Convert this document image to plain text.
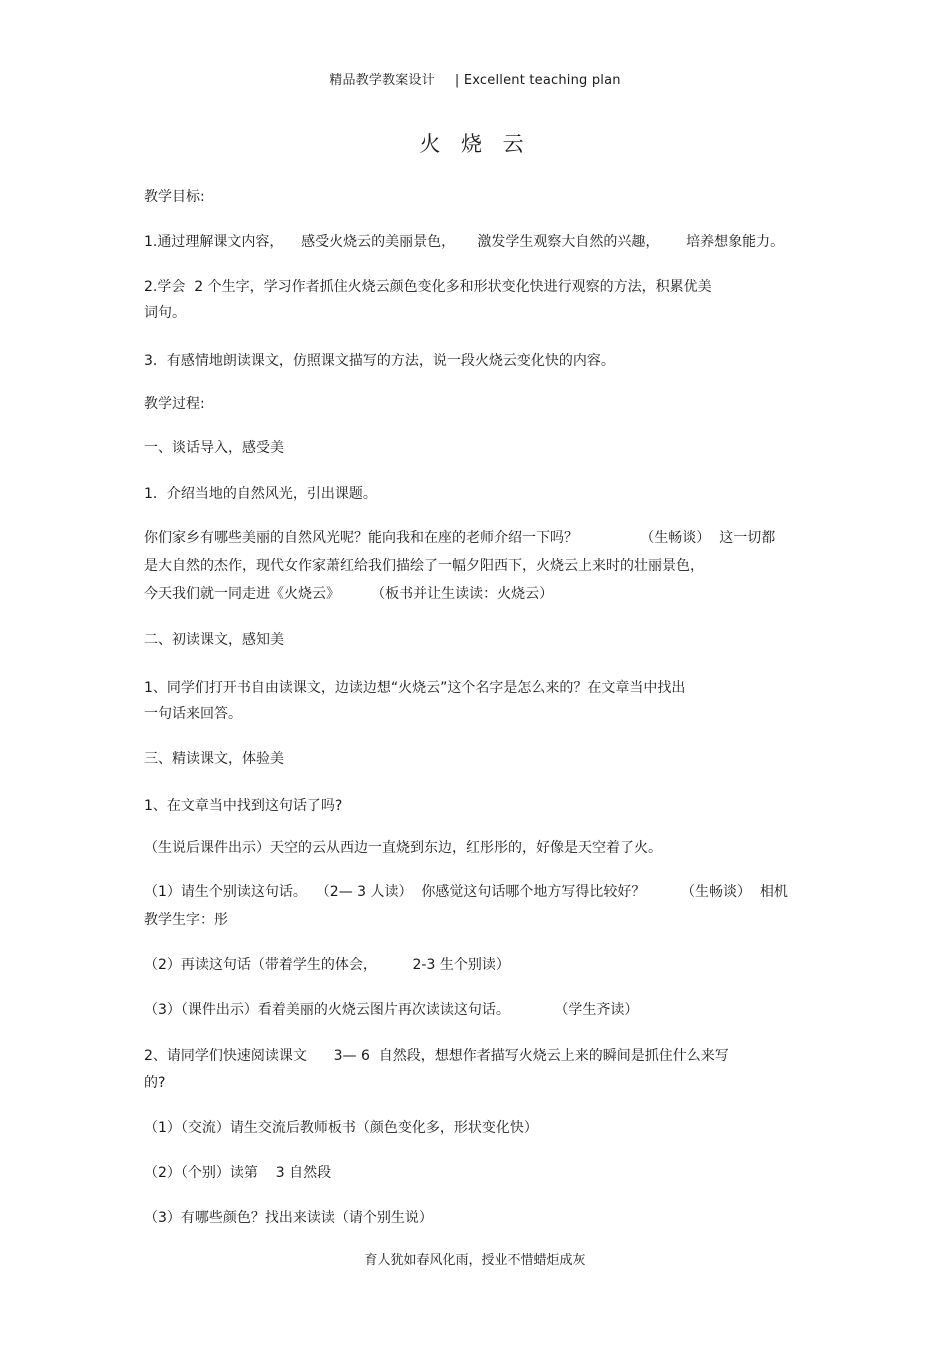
精品教学教案设计 | Excellent teaching plan
火 烧 云
教学目标:
1.通过理解课文内容，    感受火烧云的美丽景色，     激发学生观察大自然的兴趣，      培养想象能力。
2.学会  2 个生字，学习作者抓住火烧云颜色变化多和形状变化快进行观察的方法，积累优美
词句。
3．有感情地朗读课文，仿照课文描写的方法，说一段火烧云变化快的内容。
教学过程:
一、谈话导入，感受美
1．介绍当地的自然风光，引出课题。
你们家乡有哪些美丽的自然风光呢？能向我和在座的老师介绍一下吗？              （生畅谈）  这一切都
是大自然的杰作，现代女作家萧红给我们描绘了一幅夕阳西下，火烧云上来时的壮丽景色，
今天我们就一同走进《火烧云》       （板书并让生读读：火烧云）
二、初读课文，感知美
1、同学们打开书自由读课文，边读边想“火烧云”这个名字是怎么来的？在文章当中找出
一句话来回答。
三、精读课文，体验美
1、在文章当中找到这句话了吗?
（生说后课件出示）天空的云从西边一直烧到东边，红彤彤的，好像是天空着了火。
（1）请生个别读这句话。  （2— 3 人读）  你感觉这句话哪个地方写得比较好？        （生畅谈）  相机
教学生字：彤
（2）再读这句话（带着学生的体会，        2-3 生个别读）
（3）（课件出示）看着美丽的火烧云图片再次读读这句话。          （学生齐读）
2、请同学们快速阅读课文      3— 6  自然段，想想作者描写火烧云上来的瞬间是抓住什么来写
的?
（1）（交流）请生交流后教师板书（颜色变化多，形状变化快）
（2）（个别）读第    3 自然段
（3）有哪些颜色？找出来读读（请个别生说）
育人犹如春风化雨，授业不惜蜡炬成灰
